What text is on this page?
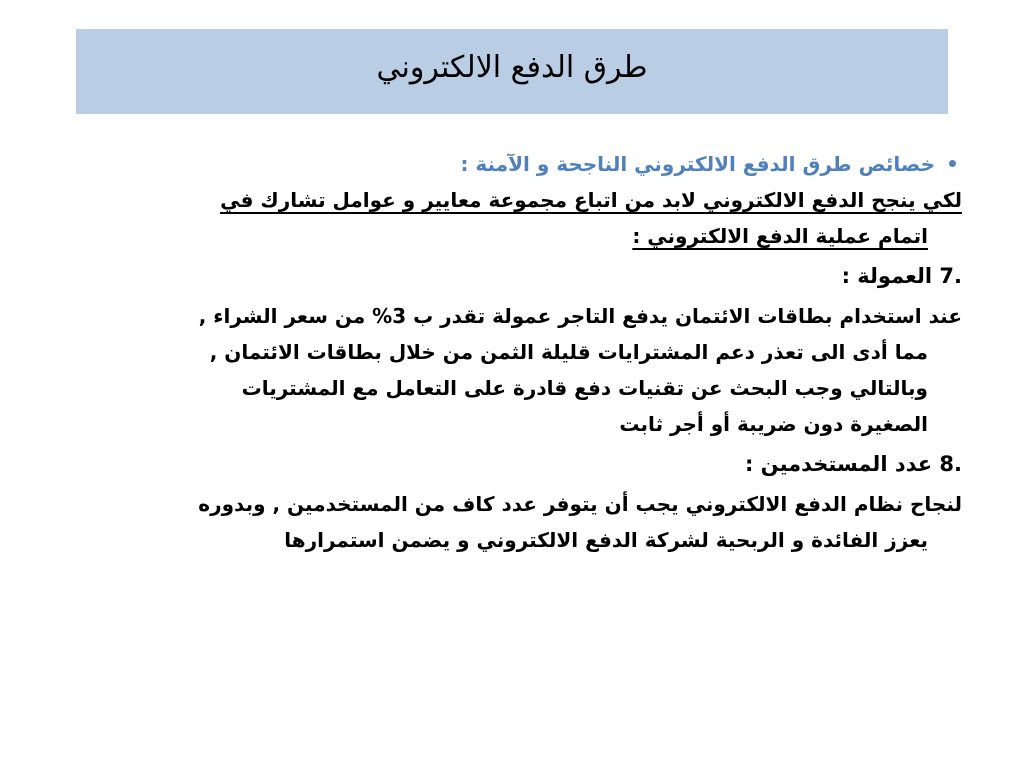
طرق الدفع الالكتروني
خصائص طرق الدفع الالكتروني الناجحة و الآمنة :
لكي ينجح الدفع الالكتروني لابد من اتباع مجموعة معايير و عوامل تشارك في
اتمام عملية الدفع الالكتروني :
7. العمولة :
عند استخدام بطاقات الائتمان يدفع التاجر عمولة تقدر ب 3% من سعر الشراء ,
مما أدى الى تعذر دعم المشترايات قليلة الثمن من خلال بطاقات الائتمان ,
وبالتالي وجب البحث عن تقنيات دفع قادرة على التعامل مع المشتريات
الصغيرة دون ضريبة أو أجر ثابت
8. عدد المستخدمين :
لنجاح نظام الدفع الالكتروني يجب أن يتوفر عدد كاف من المستخدمين , وبدوره
يعزز الفائدة و الربحية لشركة الدفع الالكتروني و يضمن استمرارها
